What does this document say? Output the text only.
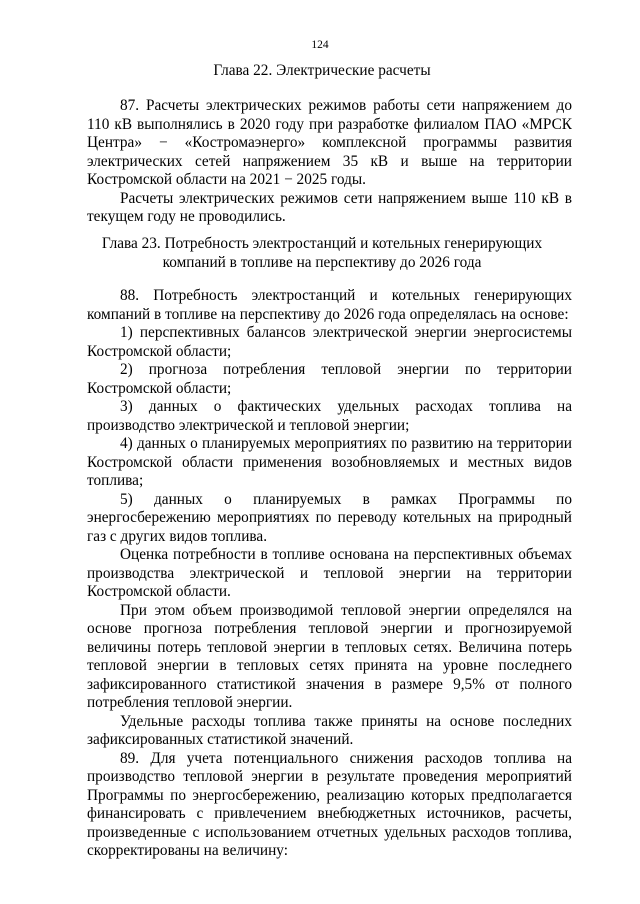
124
Глава 22. Электрические расчеты

87. Расчеты электрических режимов работы сети напряжением до 110 кВ выполнялись в 2020 году при разработке филиалом ПАО «МРСК Центра» − «Костромаэнерго» комплексной программы развития электрических сетей напряжением 35 кВ и выше на территории Костромской области на 2021 − 2025 годы.

Расчеты электрических режимов сети напряжением выше 110 кВ в текущем году не проводились.

Глава 23. Потребность электростанций и котельных генерирующих компаний в топливе на перспективу до 2026 года

88. Потребность электростанций и котельных генерирующих компаний в топливе на перспективу до 2026 года определялась на основе:

1) перспективных балансов электрической энергии энергосистемы Костромской области;

2) прогноза потребления тепловой энергии по территории Костромской области;

3) данных о фактических удельных расходах топлива на производство электрической и тепловой энергии;

4) данных о планируемых мероприятиях по развитию на территории Костромской области применения возобновляемых и местных видов топлива;

5) данных о планируемых в рамках Программы по энергосбережению мероприятиях по переводу котельных на природный газ с других видов топлива.

Оценка потребности в топливе основана на перспективных объемах производства электрической и тепловой энергии на территории Костромской области.

При этом объем производимой тепловой энергии определялся на основе прогноза потребления тепловой энергии и прогнозируемой величины потерь тепловой энергии в тепловых сетях. Величина потерь тепловой энергии в тепловых сетях принята на уровне последнего зафиксированного статистикой значения в размере 9,5% от полного потребления тепловой энергии.

Удельные расходы топлива также приняты на основе последних зафиксированных статистикой значений.

89. Для учета потенциального снижения расходов топлива на производство тепловой энергии в результате проведения мероприятий Программы по энергосбережению, реализацию которых предполагается финансировать с привлечением внебюджетных источников, расчеты, произведенные с использованием отчетных удельных расходов топлива, скорректированы на величину:
